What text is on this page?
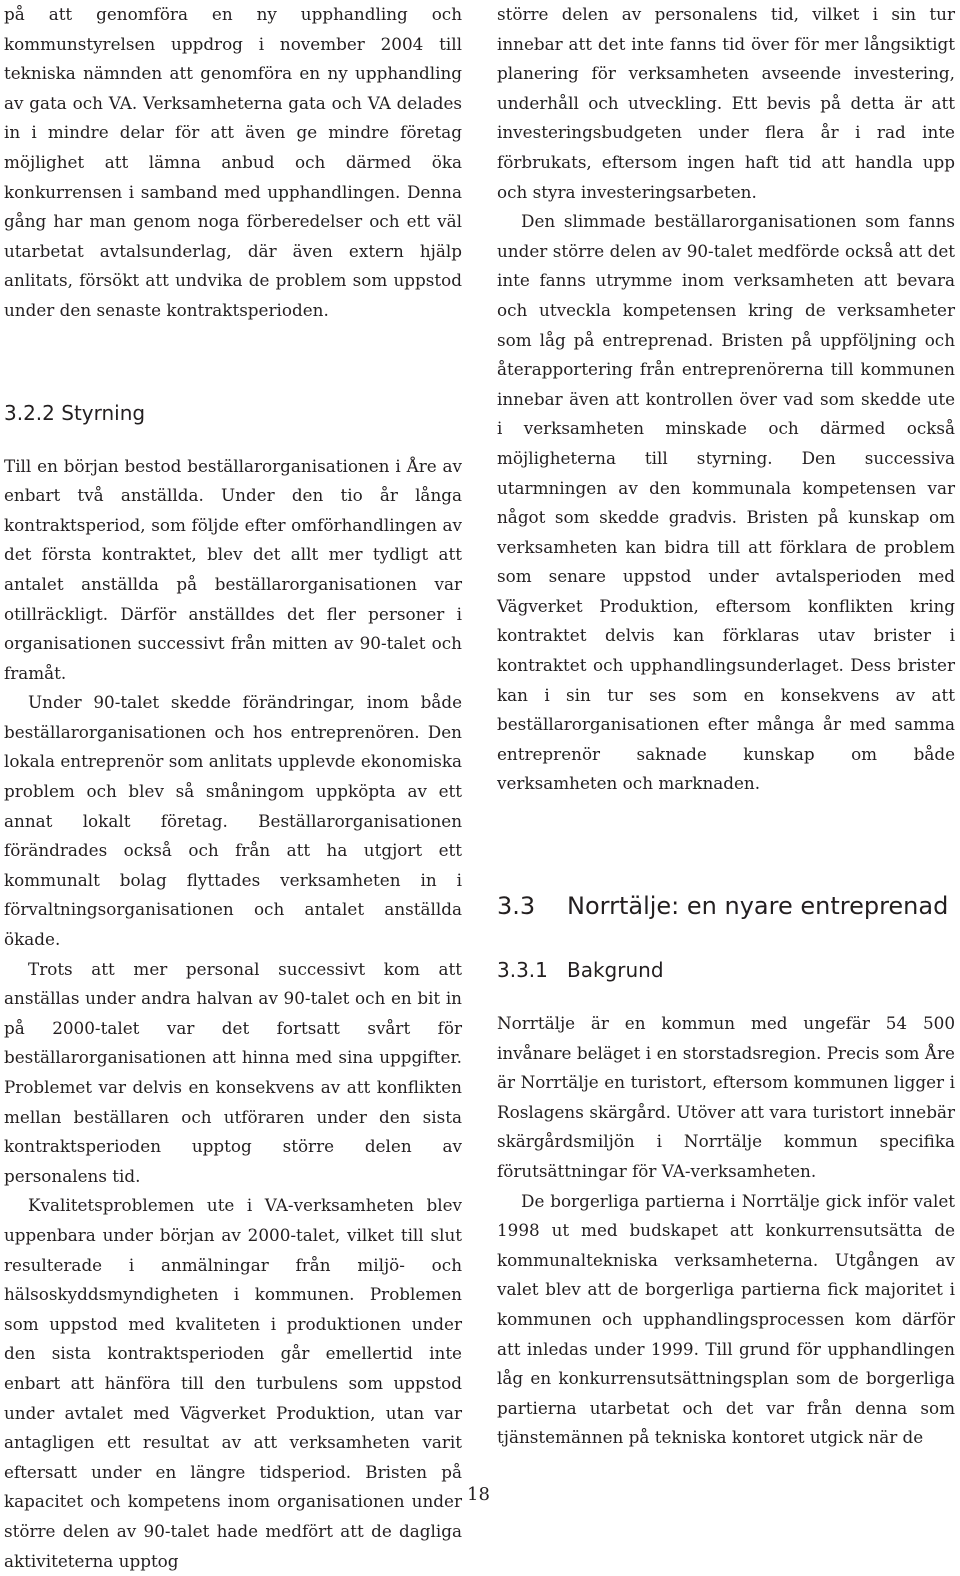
på att genomföra en ny upphandling och kommunstyrelsen uppdrog i november 2004 till tekniska nämnden att genomföra en ny upphandling av gata och VA. Verksamheterna gata och VA delades in i mindre delar för att även ge mindre företag möjlighet att lämna anbud och därmed öka konkurrensen i samband med upphandlingen. Denna gång har man genom noga förberedelser och ett väl utarbetat avtalsunderlag, där även extern hjälp anlitats, försökt att undvika de problem som uppstod under den senaste kontraktsperioden.

3.2.2 Styrning

Till en början bestod beställarorganisationen i Åre av enbart två anställda. Under den tio år långa kontraktsperiod, som följde efter omförhandlingen av det första kontraktet, blev det allt mer tydligt att antalet anställda på beställarorganisationen var otillräckligt. Därför anställdes det fler personer i organisationen successivt från mitten av 90-talet och framåt.

Under 90-talet skedde förändringar, inom både beställarorganisationen och hos entreprenören. Den lokala entreprenör som anlitats upplevde ekonomiska problem och blev så småningom uppköpta av ett annat lokalt företag. Beställarorganisationen förändrades också och från att ha utgjort ett kommunalt bolag flyttades verksamheten in i förvaltningsorganisationen och antalet anställda ökade.

Trots att mer personal successivt kom att anställas under andra halvan av 90-talet och en bit in på 2000-talet var det fortsatt svårt för beställarorganisationen att hinna med sina uppgifter. Problemet var delvis en konsekvens av att konflikten mellan beställaren och utföraren under den sista kontraktsperioden upptog större delen av personalens tid.

Kvalitetsproblemen ute i VA-verksamheten blev uppenbara under början av 2000-talet, vilket till slut resulterade i anmälningar från miljö- och hälsoskyddsmyndigheten i kommunen. Problemen som uppstod med kvaliteten i produktionen under den sista kontraktsperioden går emellertid inte enbart att hänföra till den turbulens som uppstod under avtalet med Vägverket Produktion, utan var antagligen ett resultat av att verksamheten varit eftersatt under en längre tidsperiod. Bristen på kapacitet och kompetens inom organisationen under större delen av 90-talet hade medfört att de dagliga aktiviteterna upptog

större delen av personalens tid, vilket i sin tur innebar att det inte fanns tid över för mer långsiktigt planering för verksamheten avseende investering, underhåll och utveckling. Ett bevis på detta är att investeringsbudgeten under flera år i rad inte förbrukats, eftersom ingen haft tid att handla upp och styra investeringsarbeten.

Den slimmade beställarorganisationen som fanns under större delen av 90-talet medförde också att det inte fanns utrymme inom verksamheten att bevara och utveckla kompetensen kring de verksamheter som låg på entreprenad. Bristen på uppföljning och återapportering från entreprenörerna till kommunen innebar även att kontrollen över vad som skedde ute i verksamheten minskade och därmed också möjligheterna till styrning. Den successiva utarmningen av den kommunala kompetensen var något som skedde gradvis. Bristen på kunskap om verksamheten kan bidra till att förklara de problem som senare uppstod under avtalsperioden med Vägverket Produktion, eftersom konflikten kring kontraktet delvis kan förklaras utav brister i kontraktet och upphandlingsunderlaget. Dess brister kan i sin tur ses som en konsekvens av att beställarorganisationen efter många år med samma entreprenör saknade kunskap om både verksamheten och marknaden.

3.3	Norrtälje: en nyare entreprenad
3.3.1 Bakgrund

Norrtälje är en kommun med ungefär 54 500 invånare beläget i en storstadsregion. Precis som Åre är Norrtälje en turistort, eftersom kommunen ligger i Roslagens skärgård. Utöver att vara turistort innebär skärgårdsmiljön i Norrtälje kommun specifika förutsättningar för VA-verksamheten.

De borgerliga partierna i Norrtälje gick inför valet 1998 ut med budskapet att konkurrensutsätta de kommunaltekniska verksamheterna. Utgången av valet blev att de borgerliga partierna fick majoritet i kommunen och upphandlingsprocessen kom därför att inledas under 1999. Till grund för upphandlingen låg en konkurrensutsättningsplan som de borgerliga partierna utarbetat och det var från denna som tjänstemännen på tekniska kontoret utgick när de

18
